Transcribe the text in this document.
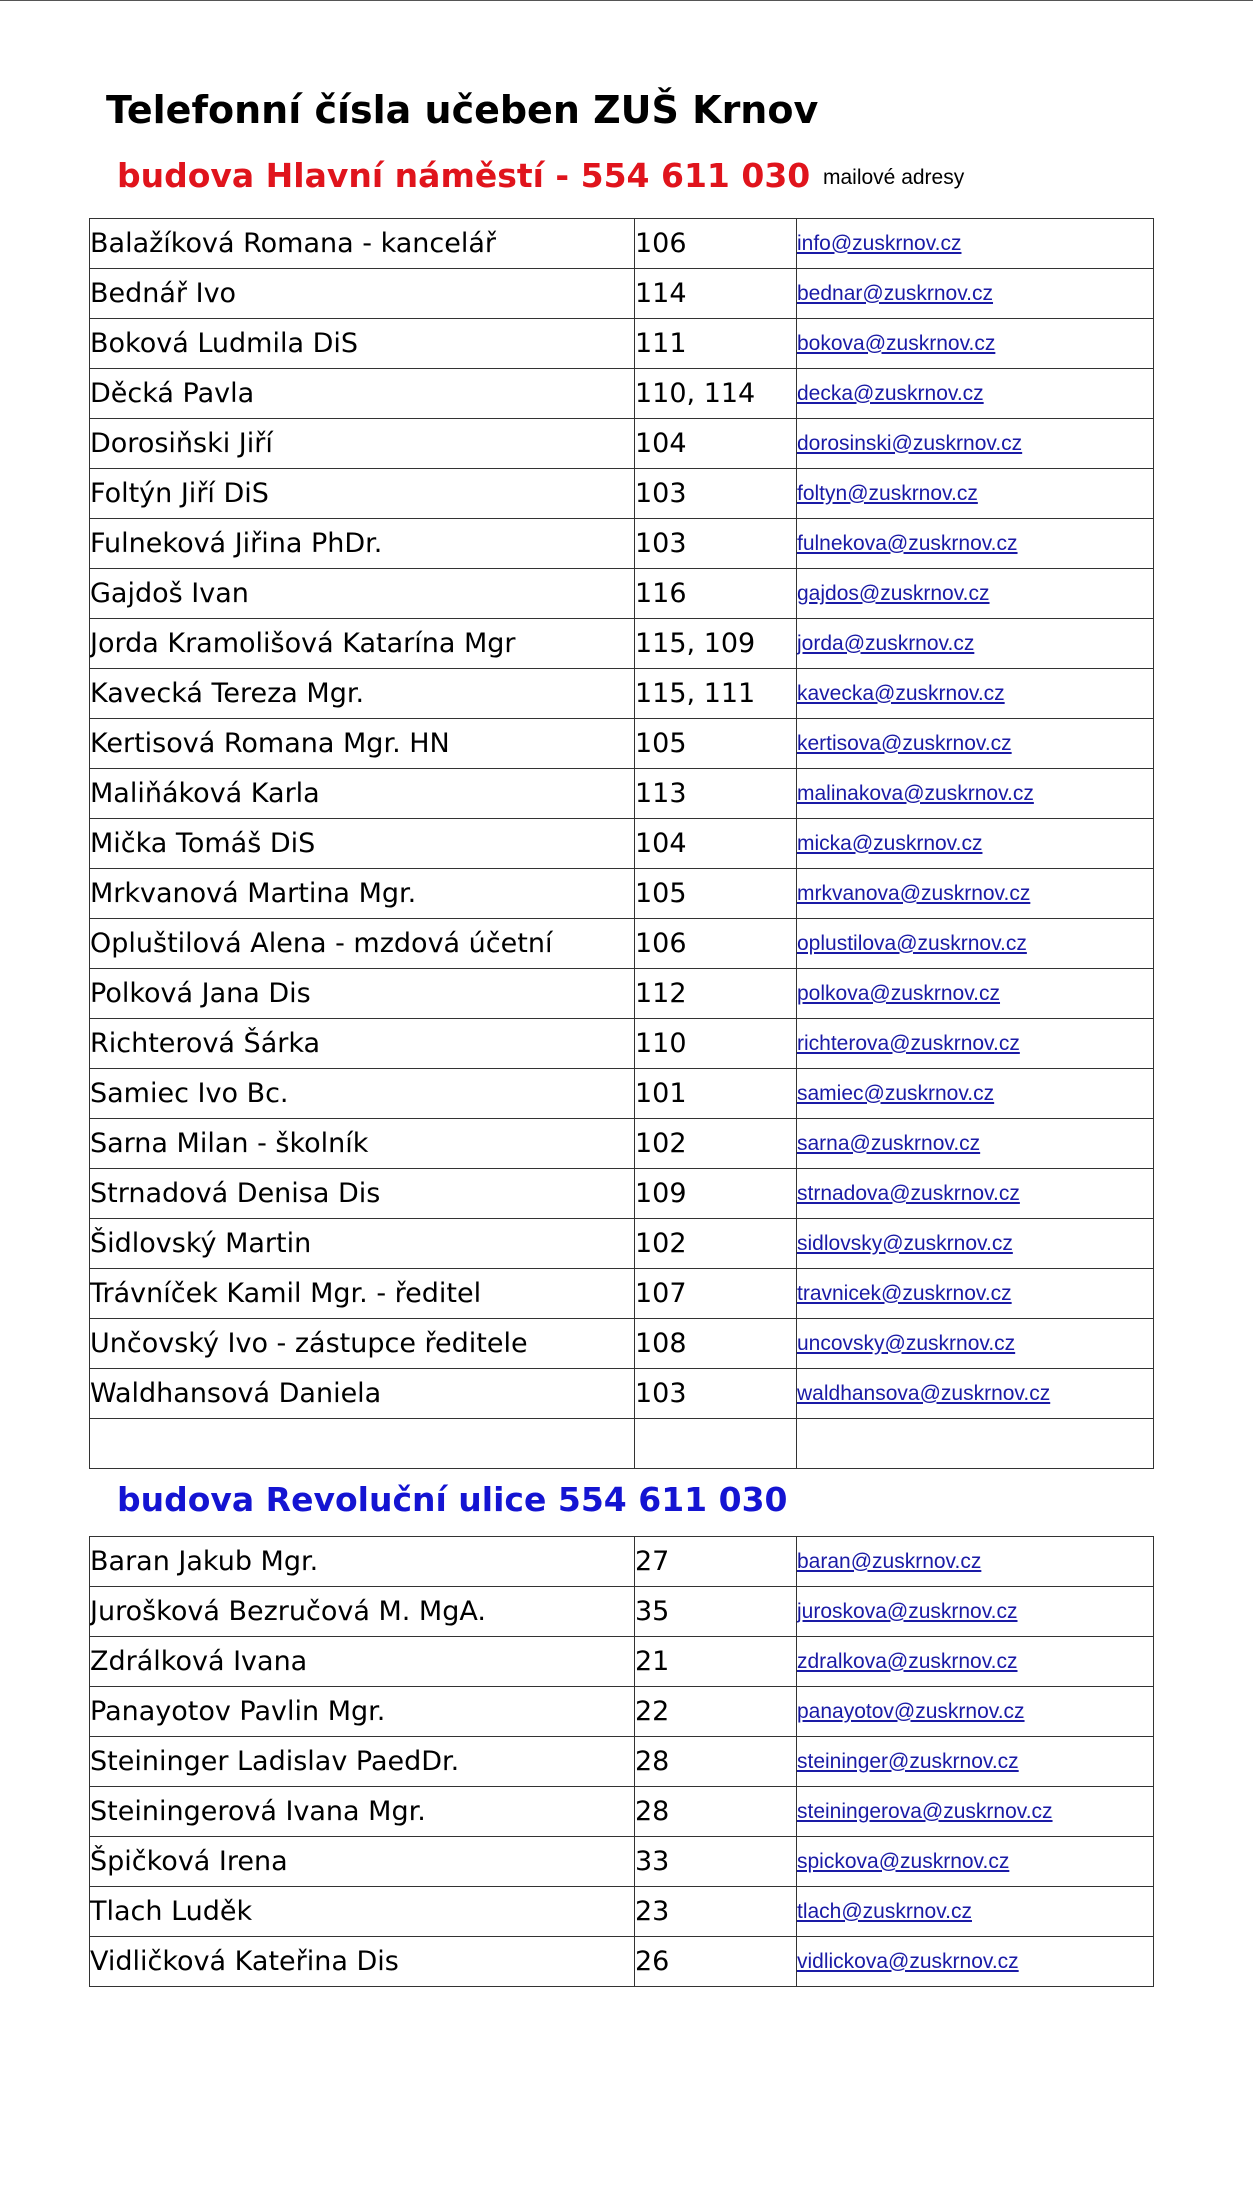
Telefonní čísla učeben ZUŠ Krnov
budova Hlavní náměstí - 554 611 030 mailové adresy
Balažíková Romana - kancelář	106	info@zuskrnov.cz
Bednář Ivo	114	bednar@zuskrnov.cz
Boková Ludmila DiS	111	bokova@zuskrnov.cz
Děcká Pavla	110, 114	decka@zuskrnov.cz
Dorosiňski Jiří	104	dorosinski@zuskrnov.cz
Foltýn Jiří DiS	103	foltyn@zuskrnov.cz
Fulneková Jiřina PhDr.	103	fulnekova@zuskrnov.cz
Gajdoš Ivan	116	gajdos@zuskrnov.cz
Jorda Kramolišová Katarína Mgr	115, 109	jorda@zuskrnov.cz
Kavecká Tereza Mgr.	115, 111	kavecka@zuskrnov.cz
Kertisová Romana Mgr. HN	105	kertisova@zuskrnov.cz
Maliňáková Karla	113	malinakova@zuskrnov.cz
Mička Tomáš DiS	104	micka@zuskrnov.cz
Mrkvanová Martina Mgr.	105	mrkvanova@zuskrnov.cz
Opluštilová Alena - mzdová účetní	106	oplustilova@zuskrnov.cz
Polková Jana Dis	112	polkova@zuskrnov.cz
Richterová Šárka	110	richterova@zuskrnov.cz
Samiec Ivo Bc.	101	samiec@zuskrnov.cz
Sarna Milan - školník	102	sarna@zuskrnov.cz
Strnadová Denisa Dis	109	strnadova@zuskrnov.cz
Šidlovský Martin	102	sidlovsky@zuskrnov.cz
Trávníček Kamil Mgr. - ředitel	107	travnicek@zuskrnov.cz
Unčovský Ivo - zástupce ředitele	108	uncovsky@zuskrnov.cz
Waldhansová Daniela	103	waldhansova@zuskrnov.cz

budova Revoluční ulice 554 611 030
Baran Jakub Mgr.	27	baran@zuskrnov.cz
Jurošková Bezručová M. MgA.	35	juroskova@zuskrnov.cz
Zdrálková Ivana	21	zdralkova@zuskrnov.cz
Panayotov Pavlin Mgr.	22	panayotov@zuskrnov.cz
Steininger Ladislav PaedDr.	28	steininger@zuskrnov.cz
Steiningerová Ivana Mgr.	28	steiningerova@zuskrnov.cz
Špičková Irena	33	spickova@zuskrnov.cz
Tlach Luděk	23	tlach@zuskrnov.cz
Vidličková Kateřina Dis	26	vidlickova@zuskrnov.cz
